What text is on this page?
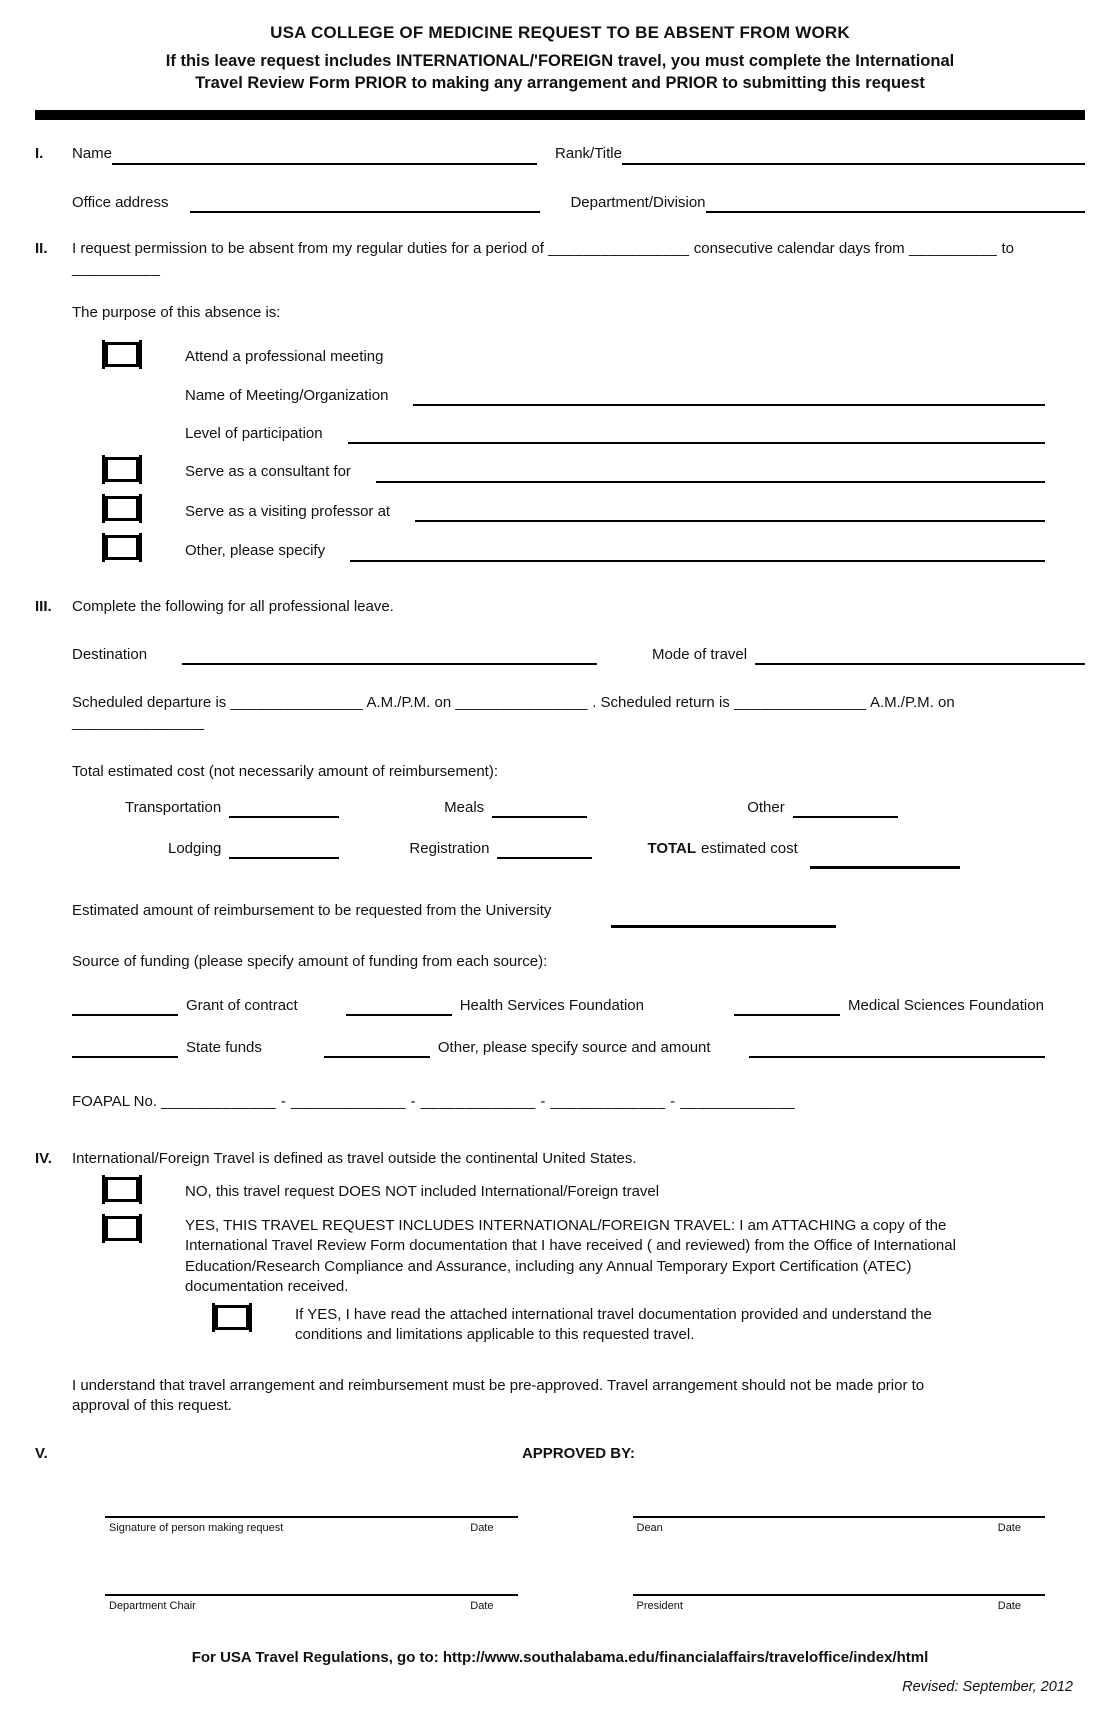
USA COLLEGE OF MEDICINE REQUEST TO BE ABSENT FROM WORK
If this leave request includes INTERNATIONAL/'FOREIGN travel, you must complete the International
Travel Review Form PRIOR to making any arrangement and PRIOR to submitting this request
I.	Name	Rank/Title
Office address	Department/Division
II.	I request permission to be absent from my regular duties for a period of ________________ consecutive calendar days from __________ to __________

The purpose of this absence is:

Attend a professional meeting
Name of Meeting/Organization
Level of participation
Serve as a consultant for
Serve as a visiting professor at
Other, please specify
III.	Complete the following for all professional leave.

Destination	Mode of travel

Scheduled departure is _______________ A.M./P.M. on _______________ . Scheduled return is _______________ A.M./P.M. on _______________

Total estimated cost (not necessarily amount of reimbursement):

Transportation	Meals	Other
Lodging	Registration	TOTAL estimated cost
Estimated amount of reimbursement to be requested from the University

Source of funding (please specify amount of funding from each source):

Grant of contract	Health Services Foundation	Medical Sciences Foundation
State funds	Other, please specify source and amount

FOAPAL No. _____________ - _____________ - _____________ - _____________ - _____________

IV.	International/Foreign Travel is defined as travel outside the continental United States.

NO, this travel request DOES NOT included International/Foreign travel

YES, THIS TRAVEL REQUEST INCLUDES INTERNATIONAL/FOREIGN TRAVEL: I am ATTACHING a copy of the International Travel Review Form documentation that I have received ( and reviewed) from the Office of International Education/Research Compliance and Assurance, including any Annual Temporary Export Certification (ATEC) documentation received.

If YES, I have read the attached international travel documentation provided and understand the conditions and limitations applicable to this requested travel.

I understand that travel arrangement and reimbursement must be pre-approved. Travel arrangement should not be made prior to approval of this request.

V.	APPROVED BY:
Signature of person making request	Date	Dean	Date
Department Chair	Date	President	Date
For USA Travel Regulations, go to: http://www.southalabama.edu/financialaffairs/traveloffice/index/html
Revised: September, 2012
